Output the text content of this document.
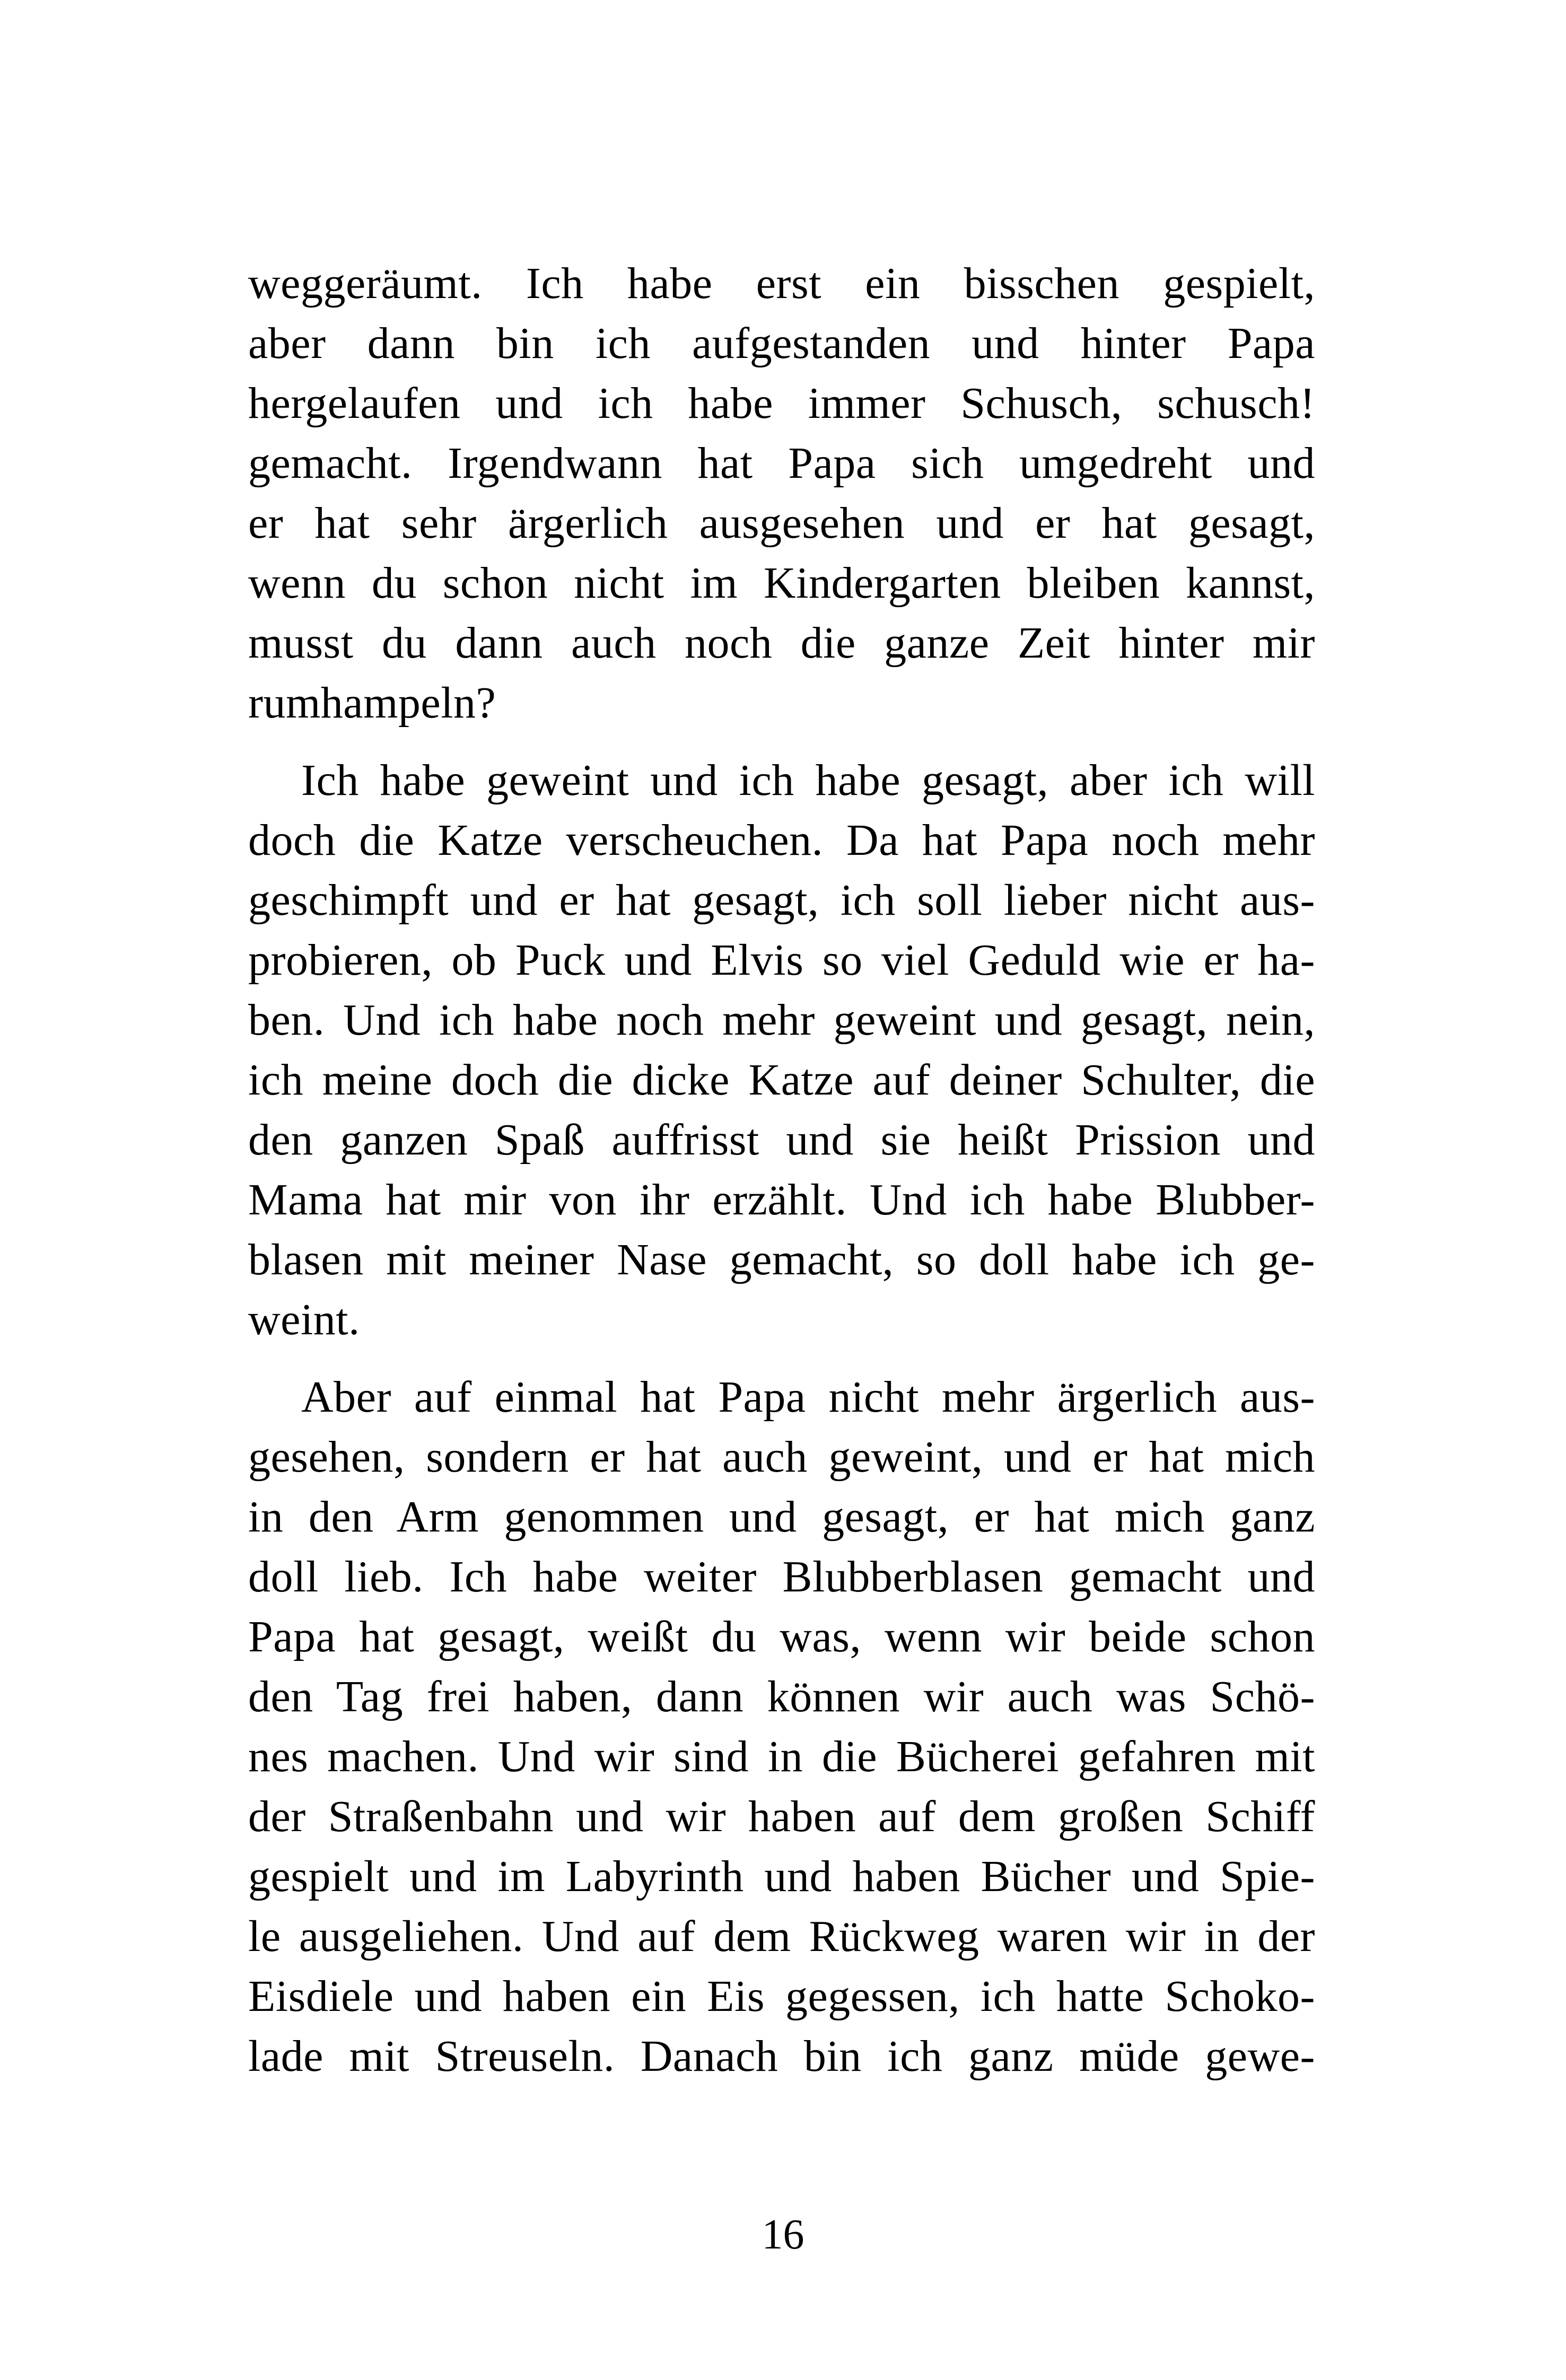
weggeräumt. Ich habe erst ein bisschen gespielt,
aber dann bin ich aufgestanden und hinter Papa
hergelaufen und ich habe immer Schusch, schusch!
gemacht. Irgendwann hat Papa sich umgedreht und
er hat sehr ärgerlich ausgesehen und er hat gesagt,
wenn du schon nicht im Kindergarten bleiben kannst,
musst du dann auch noch die ganze Zeit hinter mir
rumhampeln?
Ich habe geweint und ich habe gesagt, aber ich will
doch die Katze verscheuchen. Da hat Papa noch mehr
geschimpft und er hat gesagt, ich soll lieber nicht aus-
probieren, ob Puck und Elvis so viel Geduld wie er ha-
ben. Und ich habe noch mehr geweint und gesagt, nein,
ich meine doch die dicke Katze auf deiner Schulter, die
den ganzen Spaß auffrisst und sie heißt Prission und
Mama hat mir von ihr erzählt. Und ich habe Blubber-
blasen mit meiner Nase gemacht, so doll habe ich ge-
weint.
Aber auf einmal hat Papa nicht mehr ärgerlich aus-
gesehen, sondern er hat auch geweint, und er hat mich
in den Arm genommen und gesagt, er hat mich ganz
doll lieb. Ich habe weiter Blubberblasen gemacht und
Papa hat gesagt, weißt du was, wenn wir beide schon
den Tag frei haben, dann können wir auch was Schö-
nes machen. Und wir sind in die Bücherei gefahren mit
der Straßenbahn und wir haben auf dem großen Schiff
gespielt und im Labyrinth und haben Bücher und Spie-
le ausgeliehen. Und auf dem Rückweg waren wir in der
Eisdiele und haben ein Eis gegessen, ich hatte Schoko-
lade mit Streuseln. Danach bin ich ganz müde gewe-
16
